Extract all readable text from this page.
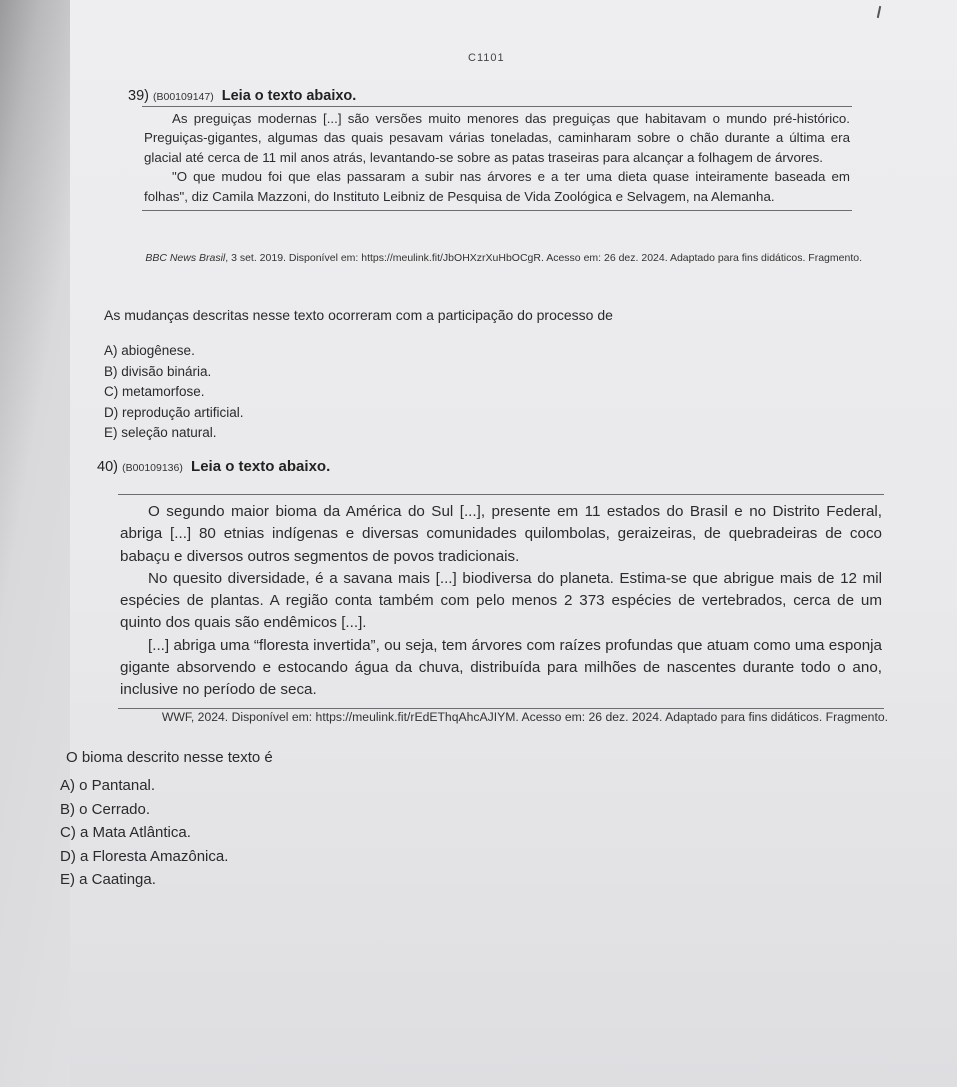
C1101
39) (B00109147) Leia o texto abaixo.

As preguiças modernas [...] são versões muito menores das preguiças que habitavam o mundo pré-histórico. Preguiças-gigantes, algumas das quais pesavam várias toneladas, caminharam sobre o chão durante a última era glacial até cerca de 11 mil anos atrás, levantando-se sobre as patas traseiras para alcançar a folhagem de árvores.

"O que mudou foi que elas passaram a subir nas árvores e a ter uma dieta quase inteiramente baseada em folhas", diz Camila Mazzoni, do Instituto Leibniz de Pesquisa de Vida Zoológica e Selvagem, na Alemanha.

BBC News Brasil, 3 set. 2019. Disponível em: https://meulink.fit/JbOHXzrXuHbOCgR. Acesso em: 26 dez. 2024. Adaptado para fins didáticos. Fragmento.
As mudanças descritas nesse texto ocorreram com a participação do processo de
A) abiogênese.
B) divisão binária.
C) metamorfose.
D) reprodução artificial.
E) seleção natural.
40) (B00109136) Leia o texto abaixo.

O segundo maior bioma da América do Sul [...], presente em 11 estados do Brasil e no Distrito Federal, abriga [...] 80 etnias indígenas e diversas comunidades quilombolas, geraizeiras, de quebradeiras de coco babaçu e diversos outros segmentos de povos tradicionais.

No quesito diversidade, é a savana mais [...] biodiversa do planeta. Estima-se que abrigue mais de 12 mil espécies de plantas. A região conta também com pelo menos 2 373 espécies de vertebrados, cerca de um quinto dos quais são endêmicos [...].

[...] abriga uma “floresta invertida”, ou seja, tem árvores com raízes profundas que atuam como uma esponja gigante absorvendo e estocando água da chuva, distribuída para milhões de nascentes durante todo o ano, inclusive no período de seca.

WWF, 2024. Disponível em: https://meulink.fit/rEdEThqAhcAJIYM. Acesso em: 26 dez. 2024. Adaptado para fins didáticos. Fragmento.
O bioma descrito nesse texto é
A) o Pantanal.
B) o Cerrado.
C) a Mata Atlântica.
D) a Floresta Amazônica.
E) a Caatinga.
